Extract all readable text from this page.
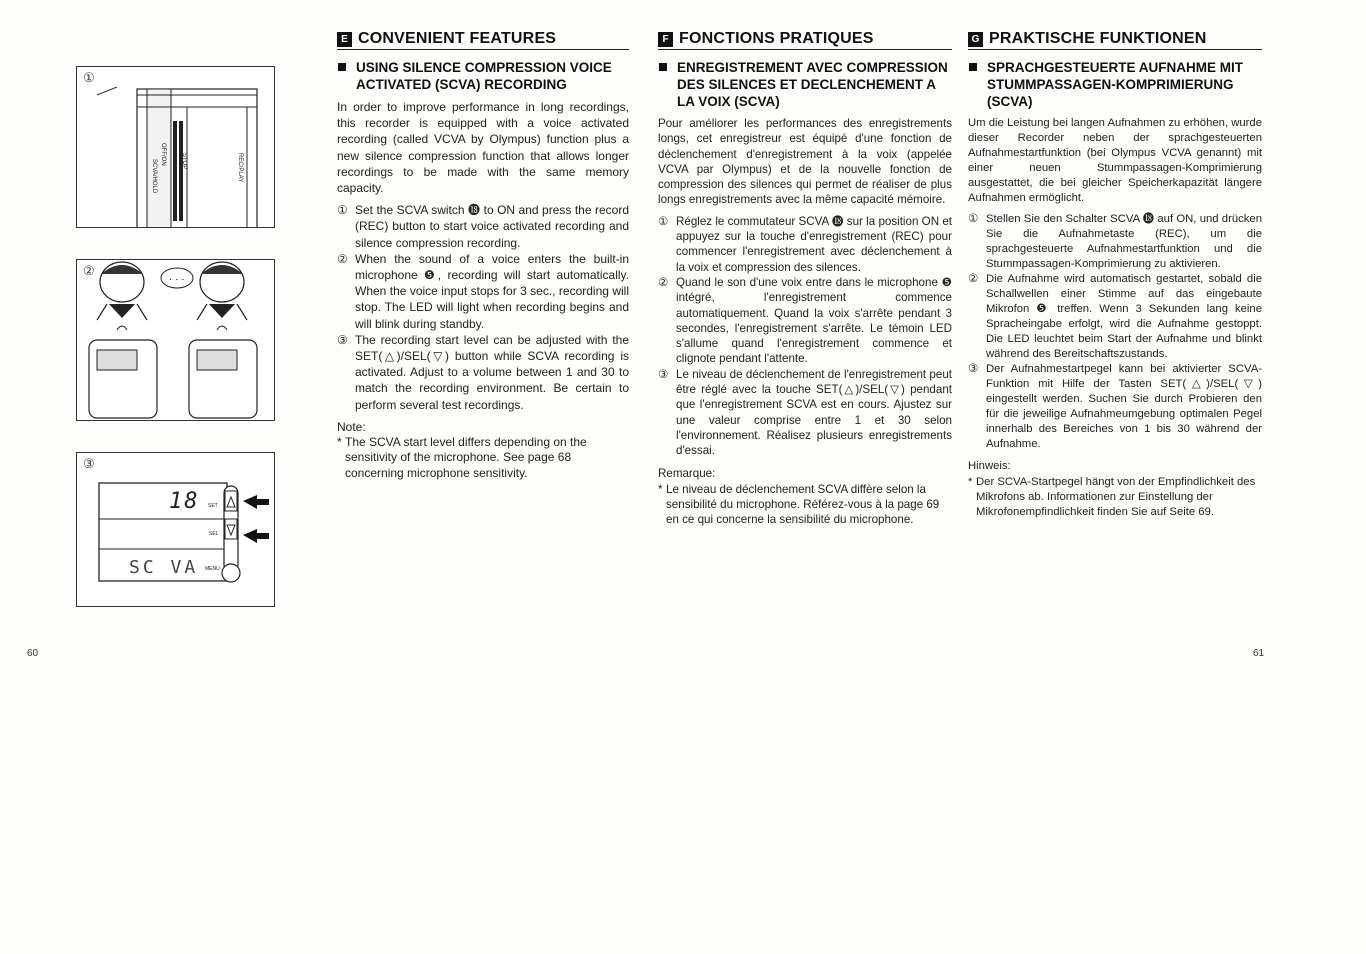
①
STOP	REC/PLAY
OFF/ON
SCVA/HOLD
②
· · ·
③
18
SC VA
SET
SEL
MENU
60	61
E CONVENIENT FEATURES
USING SILENCE COMPRESSION VOICE ACTIVATED (SCVA) RECORDING

In order to improve performance in long recordings, this recorder is equipped with a voice activated recording (called VCVA by Olympus) function plus a new silence compression function that allows longer recordings to be made with the same memory capacity.

① Set the SCVA switch ⓲ to ON and press the record (REC) button to start voice activated recording and silence compression recording.
② When the sound of a voice enters the built-in microphone ❺, recording will start automatically. When the voice input stops for 3 sec., recording will stop. The LED will light when recording begins and will blink during standby.
③ The recording start level can be adjusted with the SET(△)/SEL(▽) button while SCVA recording is activated. Adjust to a volume between 1 and 30 to match the recording environment. Be certain to perform several test recordings.
Note:

* The SCVA start level differs depending on the sensitivity of the microphone. See page 68 concerning microphone sensitivity.

F FONCTIONS PRATIQUES
ENREGISTREMENT AVEC COMPRESSION DES SILENCES ET DECLENCHEMENT A LA VOIX (SCVA)

Pour améliorer les performances des enregistrements longs, cet enregistreur est équipé d'une fonction de déclenchement d'enregistrement à la voix (appelée VCVA par Olympus) et de la nouvelle fonction de compression des silences qui permet de réaliser de plus longs enregistrements avec la même capacité mémoire.

① Réglez le commutateur SCVA ⓲ sur la position ON et appuyez sur la touche d'enregistrement (REC) pour commencer l'enregistrement avec déclenchement à la voix et compression des silences.
② Quand le son d'une voix entre dans le microphone ❺ intégré, l'enregistrement commence automatiquement. Quand la voix s'arrête pendant 3 secondes, l'enregistrement s'arrête. Le témoin LED s'allume quand l'enregistrement commence et clignote pendant l'attente.
③ Le niveau de déclenchement de l'enregistrement peut être réglé avec la touche SET(△)/SEL(▽) pendant que l'enregistrement SCVA est en cours. Ajustez sur une valeur comprise entre 1 et 30 selon l'environnement. Réalisez plusieurs enregistrements d'essai.
Remarque:

* Le niveau de déclenchement SCVA diffère selon la sensibilité du microphone. Référez-vous à la page 69 en ce qui concerne la sensibilité du microphone.

G PRAKTISCHE FUNKTIONEN
SPRACHGESTEUERTE AUFNAHME MIT STUMMPASSAGEN-KOMPRIMIERUNG (SCVA)

Um die Leistung bei langen Aufnahmen zu erhöhen, wurde dieser Recorder neben der sprachgesteuerten Aufnahmestartfunktion (bei Olympus VCVA genannt) mit einer neuen Stummpassagen-Komprimierung ausgestattet, die bei gleicher Speicherkapazität längere Aufnahmen ermöglicht.

① Stellen Sie den Schalter SCVA ⓲ auf ON, und drücken Sie die Aufnahmetaste (REC), um die sprachgesteuerte Aufnahmestartfunktion und die Stummpassagen-Komprimierung zu aktivieren.
② Die Aufnahme wird automatisch gestartet, sobald die Schallwellen einer Stimme auf das eingebaute Mikrofon ❺ treffen. Wenn 3 Sekunden lang keine Spracheingabe erfolgt, wird die Aufnahme gestoppt. Die LED leuchtet beim Start der Aufnahme und blinkt während des Bereitschaftszustands.
③ Der Aufnahmestartpegel kann bei aktivierter SCVA-Funktion mit Hilfe der Tasten SET(△)/SEL(▽) eingestellt werden. Suchen Sie durch Probieren den für die jeweilige Aufnahmeumgebung optimalen Pegel innerhalb des Bereiches von 1 bis 30 während der Aufnahme.
Hinweis:

* Der SCVA-Startpegel hängt von der Empfindlichkeit des Mikrofons ab. Informationen zur Einstellung der Mikrofonempfindlichkeit finden Sie auf Seite 69.
